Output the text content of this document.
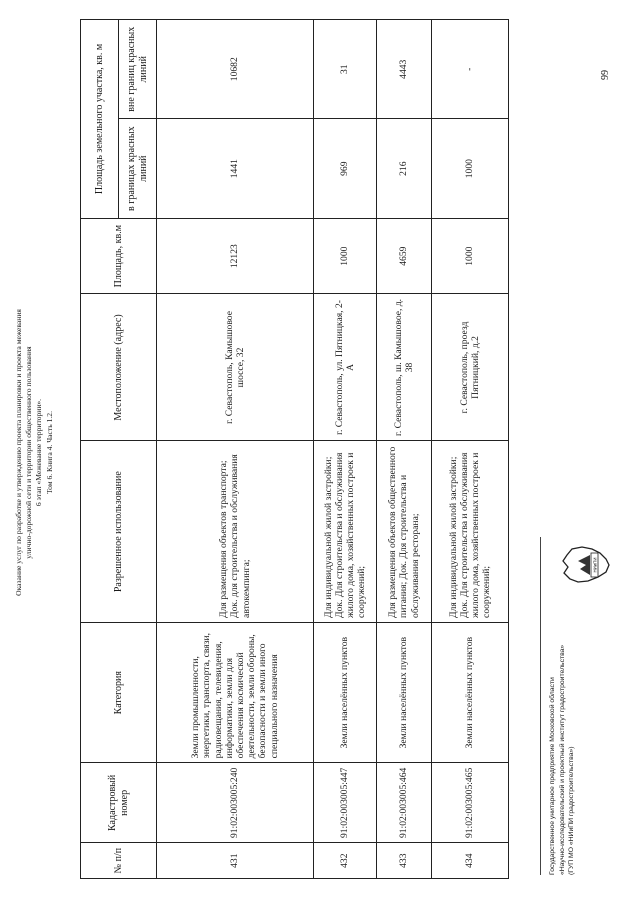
Оказание услуг по разработке и утверждению проекта планировки и проекта межевания улично-дорожной сети и территории общественного пользования 6 этап «Межевание территории». Том 6. Книга 4. Часть 1.2.
№ п/п	Кадастровый номер	Категория	Разрешенное использование	Местоположение (адрес)	Площадь, кв.м	Площадь земельного участка, кв. м	
						в границах красных линий	вне границ красных линий
431	91:02:003005:240	Земли промышленности, энергетики, транспорта, связи, радиовещания, телевидения, информатики, земли для обеспечения космической деятельности, земли обороны, безопасности и земли иного специального назначения	Для размещения объектов транспорта; Док. для строительства и обслуживания автокемпинга;	г. Севастополь, Камышовое шоссе, 32	12123	1441	10682
432	91:02:003005:447	Земли населённых пунктов	Для индивидуальной жилой застройки; Док. Для строительства и обслуживания жилого дома, хозяйственных построек и сооружений;	г. Севастополь, ул. Пятницкая, 2-А	1000	969	31
433	91:02:003005:464	Земли населённых пунктов	Для размещения объектов общественного питания; Док. Для строительства и обслуживания ресторана;	г. Севастополь, ш. Камышовое, д. 38	4659	216	4443
434	91:02:003005:465	Земли населённых пунктов	Для индивидуальной жилой застройки; Док. Для строительства и обслуживания жилого дома, хозяйственных построек и сооружений;	г. Севастополь, проезд Пятницкий, д.2	1000	1000	-
99
Государственное унитарное предприятие Московской области «Научно-исследовательский и проектный институт градостроительства» (ГУП МО «НИиПИ градостроительства»)
НИиПИ
